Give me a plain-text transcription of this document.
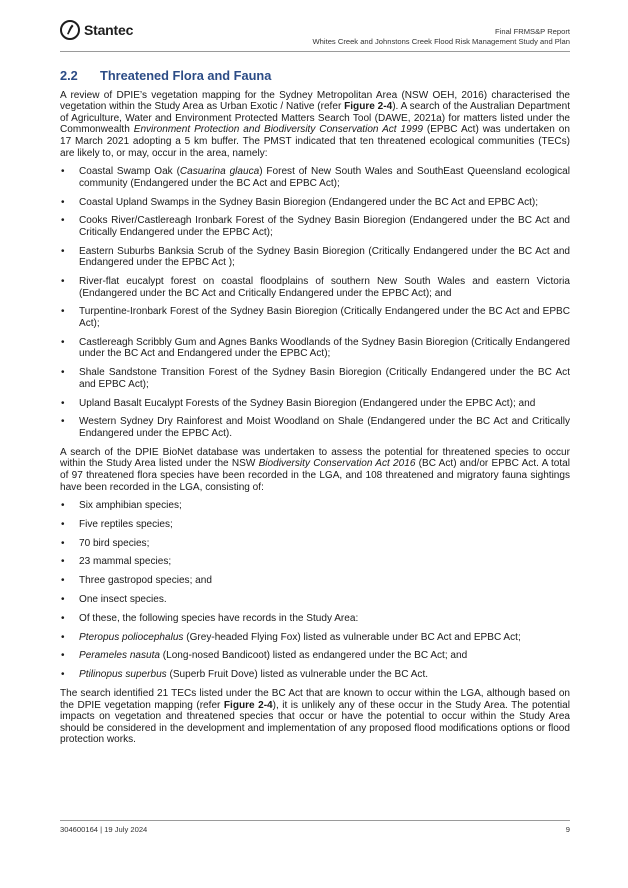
Stantec	Final FRMS&P Report
Whites Creek and Johnstons Creek Flood Risk Management Study and Plan
2.2	Threatened Flora and Fauna

A review of DPIE’s vegetation mapping for the Sydney Metropolitan Area (NSW OEH, 2016) characterised the vegetation within the Study Area as Urban Exotic / Native (refer Figure 2-4). A search of the Australian Department of Agriculture, Water and Environment Protected Matters Search Tool (DAWE, 2021a) for matters listed under the Commonwealth Environment Protection and Biodiversity Conservation Act 1999 (EPBC Act) was undertaken on 17 March 2021 adopting a 5 km buffer. The PMST indicated that ten threatened ecological communities (TECs) are likely to, or may, occur in the area, namely:

• Coastal Swamp Oak (Casuarina glauca) Forest of New South Wales and SouthEast Queensland ecological community (Endangered under the BC Act and EPBC Act);
• Coastal Upland Swamps in the Sydney Basin Bioregion (Endangered under the BC Act and EPBC Act);
• Cooks River/Castlereagh Ironbark Forest of the Sydney Basin Bioregion (Endangered under the BC Act and Critically Endangered under the EPBC Act);
• Eastern Suburbs Banksia Scrub of the Sydney Basin Bioregion (Critically Endangered under the BC Act and Endangered under the EPBC Act );
• River-flat eucalypt forest on coastal floodplains of southern New South Wales and eastern Victoria (Endangered under the BC Act and Critically Endangered under the EPBC Act); and
• Turpentine-Ironbark Forest of the Sydney Basin Bioregion (Critically Endangered under the BC Act and EPBC Act);
• Castlereagh Scribbly Gum and Agnes Banks Woodlands of the Sydney Basin Bioregion (Critically Endangered under the BC Act and Endangered under the EPBC Act);
• Shale Sandstone Transition Forest of the Sydney Basin Bioregion (Critically Endangered under the BC Act and EPBC Act);
• Upland Basalt Eucalypt Forests of the Sydney Basin Bioregion (Endangered under the EPBC Act); and
• Western Sydney Dry Rainforest and Moist Woodland on Shale (Endangered under the BC Act and Critically Endangered under the EPBC Act).

A search of the DPIE BioNet database was undertaken to assess the potential for threatened species to occur within the Study Area listed under the NSW Biodiversity Conservation Act 2016 (BC Act) and/or EPBC Act. A total of 97 threatened flora species have been recorded in the LGA, and 108 threatened and migratory fauna sightings have been recorded in the LGA, consisting of:

• Six amphibian species;
• Five reptiles species;
• 70 bird species;
• 23 mammal species;
• Three gastropod species; and
• One insect species.
• Of these, the following species have records in the Study Area:
• Pteropus poliocephalus (Grey-headed Flying Fox) listed as vulnerable under BC Act and EPBC Act;
• Perameles nasuta (Long-nosed Bandicoot) listed as endangered under the BC Act; and
• Ptilinopus superbus (Superb Fruit Dove) listed as vulnerable under the BC Act.

The search identified 21 TECs listed under the BC Act that are known to occur within the LGA, although based on the DPIE vegetation mapping (refer Figure 2-4), it is unlikely any of these occur in the Study Area. The potential impacts on vegetation and threatened species that occur or have the potential to occur within the Study Area should be considered in the development and implementation of any proposed flood modifications options or flood protection works.

304600164 | 19 July 2024	9
